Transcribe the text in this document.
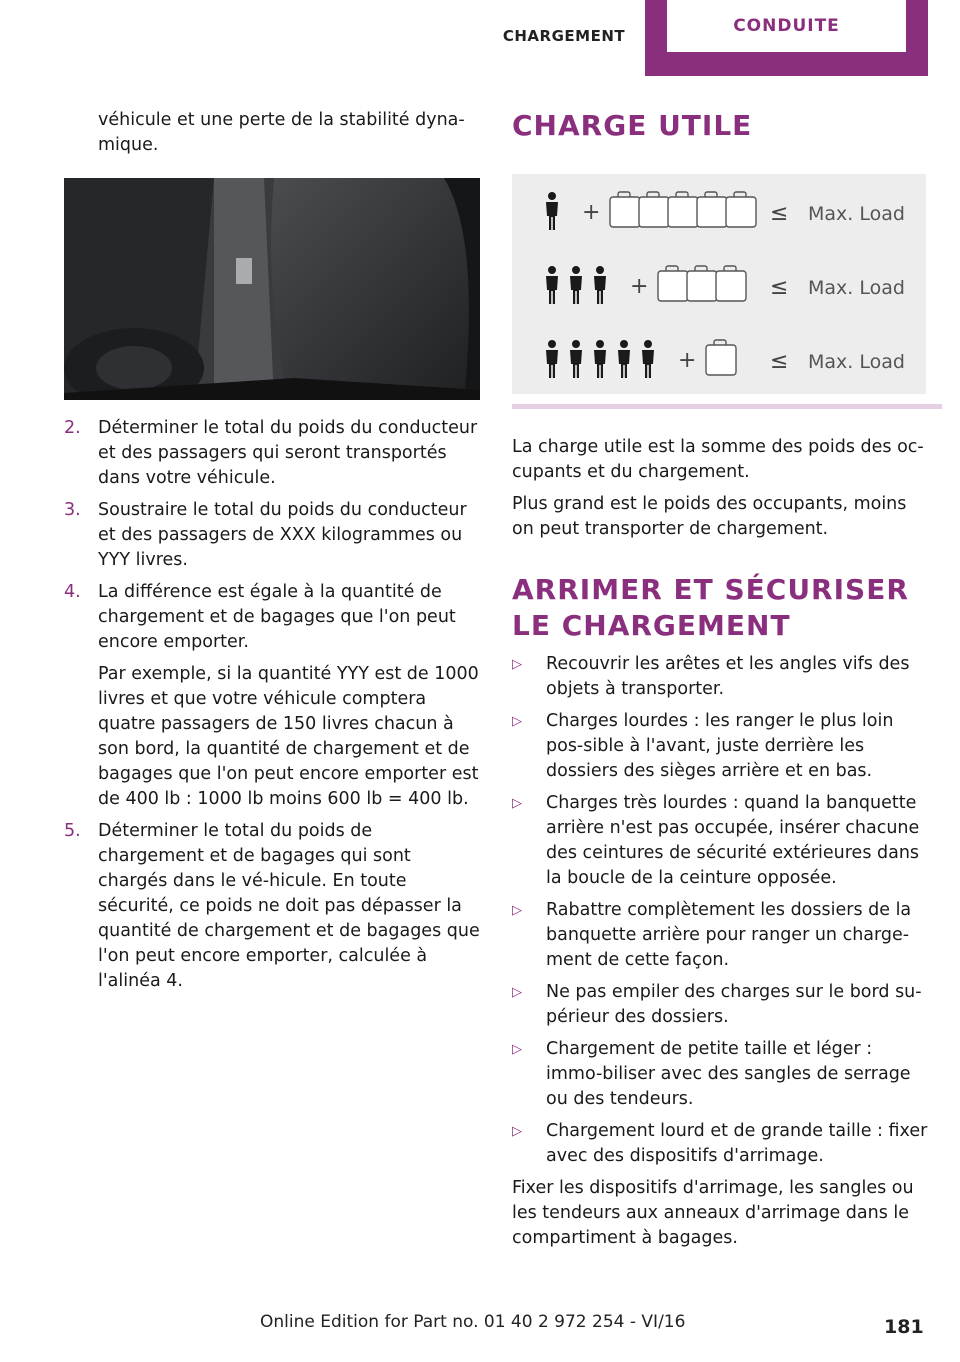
CHARGEMENT	CONDUITE

véhicule et une perte de la stabilité dyna-mique.

2. Déterminer le total du poids du conducteur et des passagers qui seront transportés dans votre véhicule.

3. Soustraire le total du poids du conducteur et des passagers de XXX kilogrammes ou YYY livres.

4. La différence est égale à la quantité de chargement et de bagages que l'on peut encore emporter.

Par exemple, si la quantité YYY est de 1000 livres et que votre véhicule comptera quatre passagers de 150 livres chacun à son bord, la quantité de chargement et de bagages que l'on peut encore emporter est de 400 lb : 1000 lb moins 600 lb = 400 lb.

5. Déterminer le total du poids de chargement et de bagages qui sont chargés dans le vé-hicule. En toute sécurité, ce poids ne doit pas dépasser la quantité de chargement et de bagages que l'on peut encore emporter, calculée à l'alinéa 4.

CHARGE UTILE
+	≤ Max. Load
+	≤ Max. Load
+	≤ Max. Load

La charge utile est la somme des poids des oc-cupants et du chargement.

Plus grand est le poids des occupants, moins on peut transporter de chargement.

ARRIMER ET SÉCURISER LE CHARGEMENT
▷	Recouvrir les arêtes et les angles vifs des objets à transporter.

▷	Charges lourdes : les ranger le plus loin pos-sible à l'avant, juste derrière les dossiers des sièges arrière et en bas.

▷	Charges très lourdes : quand la banquette arrière n'est pas occupée, insérer chacune des ceintures de sécurité extérieures dans la boucle de la ceinture opposée.

▷	Rabattre complètement les dossiers de la banquette arrière pour ranger un charge-ment de cette façon.

▷	Ne pas empiler des charges sur le bord su-périeur des dossiers.

▷	Chargement de petite taille et léger : immo-biliser avec des sangles de serrage ou des tendeurs.

▷	Chargement lourd et de grande taille : fixer avec des dispositifs d'arrimage.

Fixer les dispositifs d'arrimage, les sangles ou les tendeurs aux anneaux d'arrimage dans le compartiment à bagages.

Online Edition for Part no. 01 40 2 972 254 - VI/16	181
